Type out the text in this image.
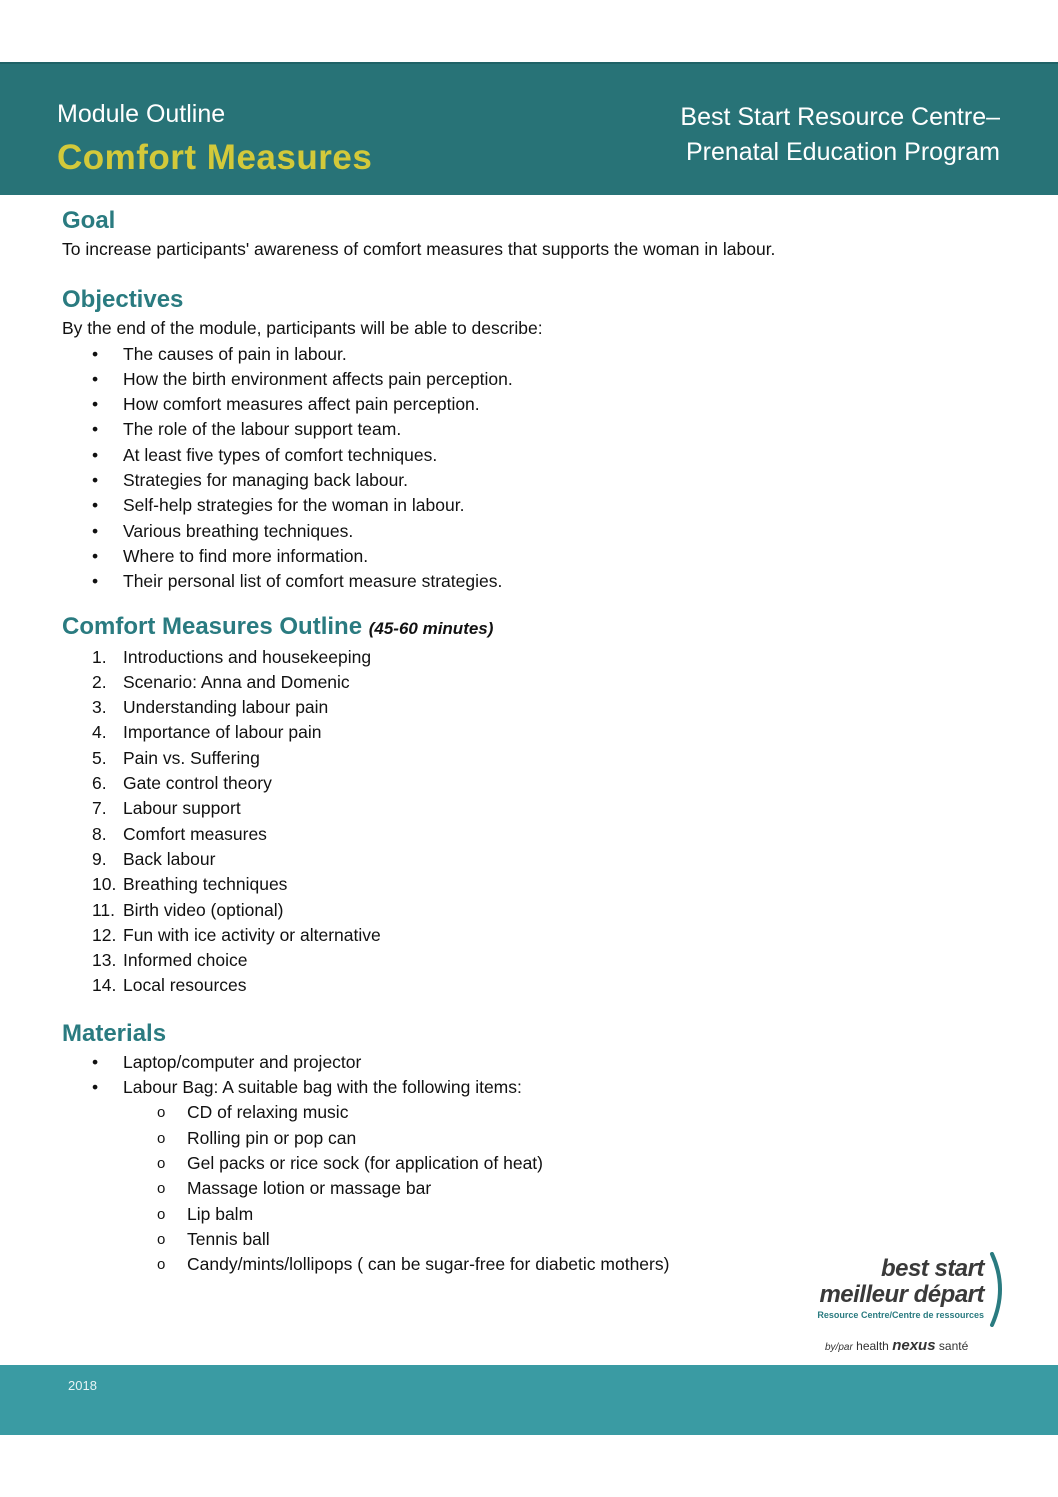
Module Outline
Comfort Measures
Best Start Resource Centre–
Prenatal Education Program
Goal

To increase participants' awareness of comfort measures that supports the woman in labour.

Objectives

By the end of the module, participants will be able to describe:

• The causes of pain in labour.
• How the birth environment affects pain perception.
• How comfort measures affect pain perception.
• The role of the labour support team.
• At least five types of comfort techniques.
• Strategies for managing back labour.
• Self-help strategies for the woman in labour.
• Various breathing techniques.
• Where to find more information.
• Their personal list of comfort measure strategies.
Comfort Measures Outline (45-60 minutes)
1. Introductions and housekeeping
2. Scenario: Anna and Domenic
3. Understanding labour pain
4. Importance of labour pain
5. Pain vs. Suffering
6. Gate control theory
7. Labour support
8. Comfort measures
9. Back labour
10. Breathing techniques
11. Birth video (optional)
12. Fun with ice activity or alternative
13. Informed choice
14. Local resources
Materials
• Laptop/computer and projector
• Labour Bag: A suitable bag with the following items:
o CD of relaxing music
o Rolling pin or pop can
o Gel packs or rice sock (for application of heat)
o Massage lotion or massage bar
o Lip balm
o Tennis ball
o Candy/mints/lollipops ( can be sugar-free for diabetic mothers)	best start
meilleur départ
Resource Centre/Centre de ressources
by/par health nexus santé
2018
